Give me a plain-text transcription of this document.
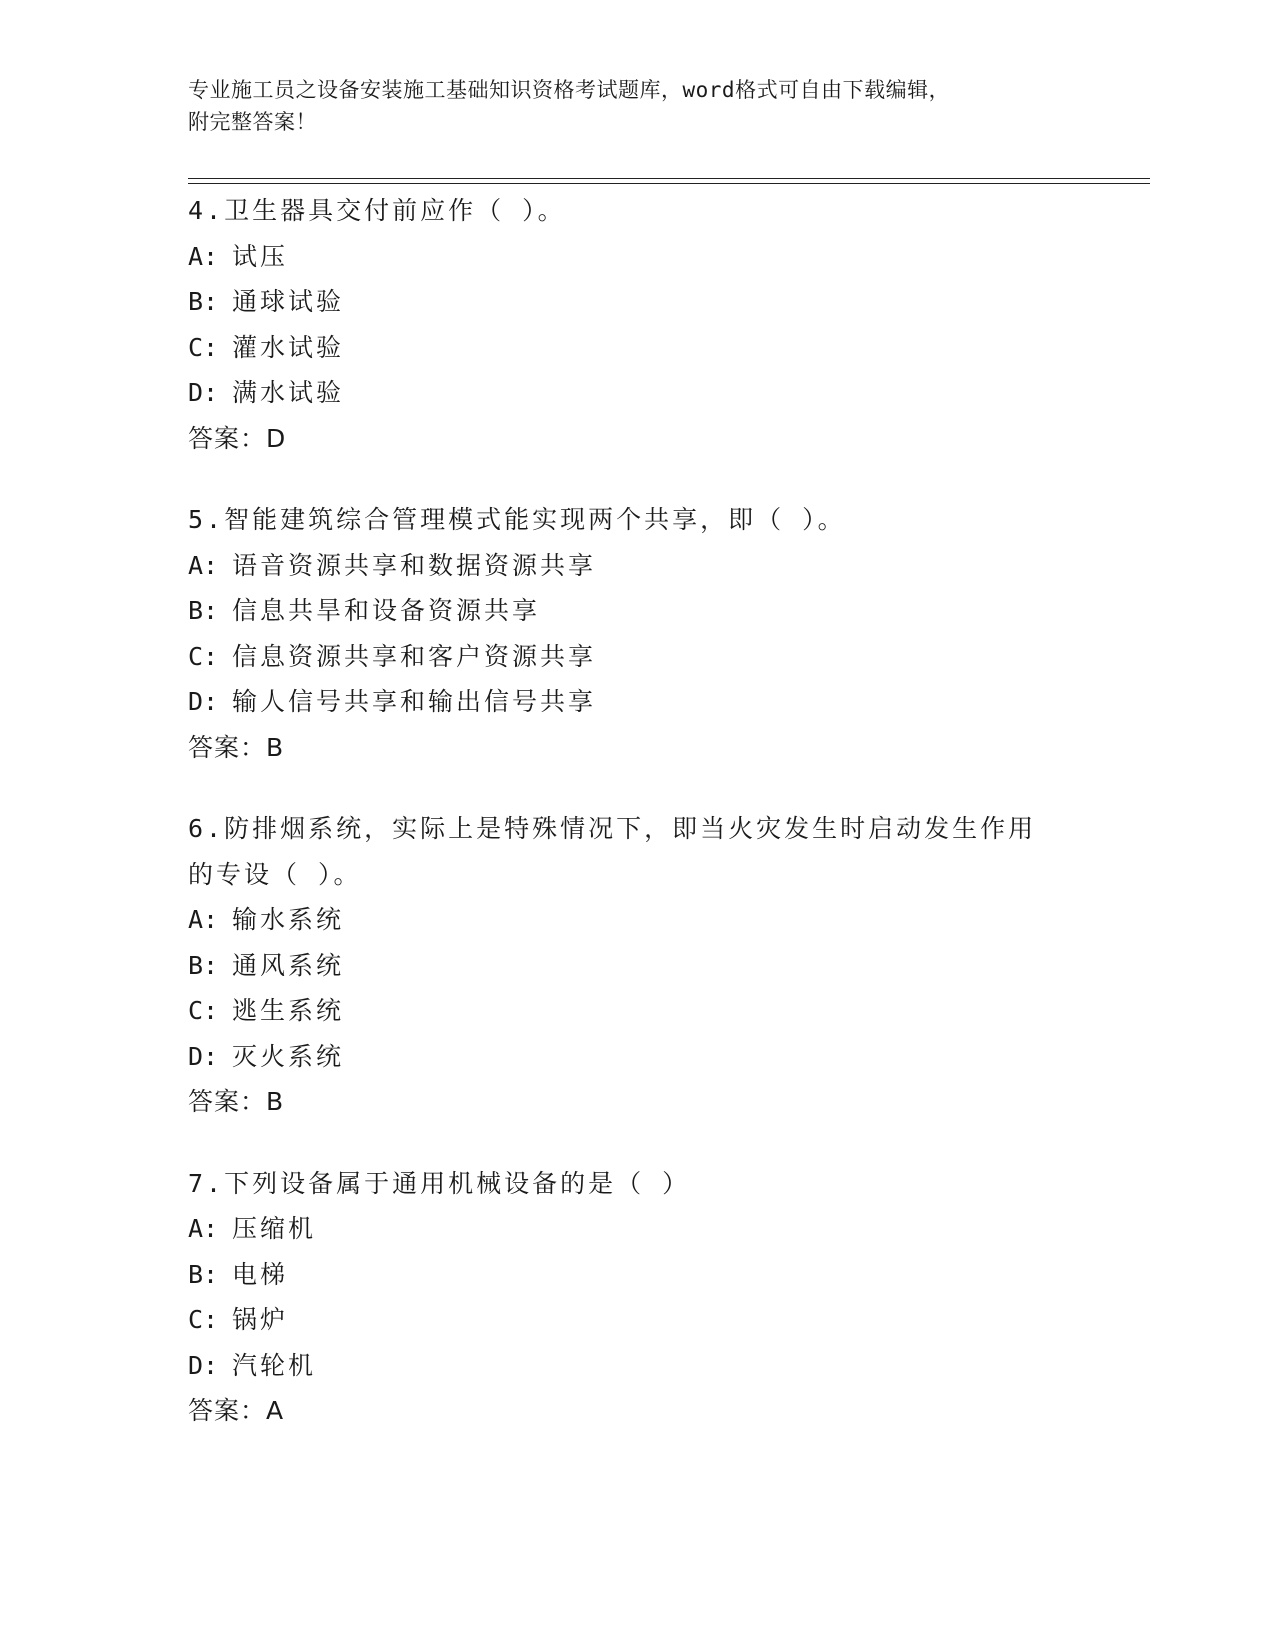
专业施工员之设备安装施工基础知识资格考试题库，word格式可自由下载编辑，
附完整答案！
4.卫生器具交付前应作（ ）。
A: 试压
B: 通球试验
C: 灌水试验
D: 满水试验
答案：D
5.智能建筑综合管理模式能实现两个共享，即（ ）。
A: 语音资源共享和数据资源共享
B: 信息共旱和设备资源共享
C: 信息资源共享和客户资源共享
D: 输人信号共享和输出信号共享
答案：B
6.防排烟系统，实际上是特殊情况下，即当火灾发生时启动发生作用
的专设（ ）。
A: 输水系统
B: 通风系统
C: 逃生系统
D: 灭火系统
答案：B
7.下列设备属于通用机械设备的是（ ）
A: 压缩机
B: 电梯
C: 锅炉
D: 汽轮机
答案：A
